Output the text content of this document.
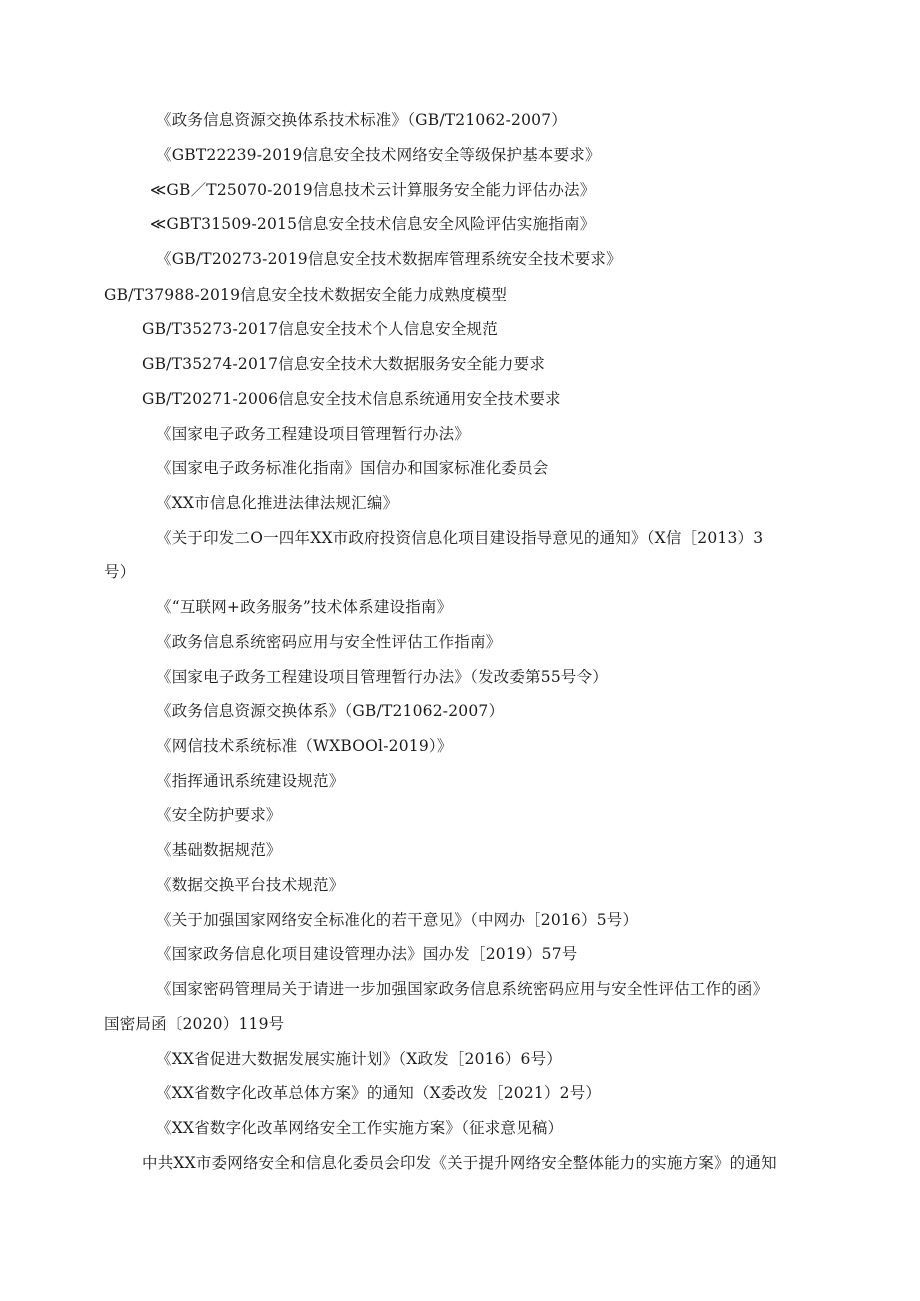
《政务信息资源交换体系技术标准》（GB/T21062-2007）
《GBT22239-2019信息安全技术网络安全等级保护基本要求》
≪GB／T25070-2019信息技术云计算服务安全能力评估办法》
≪GBT31509-2015信息安全技术信息安全风险评估实施指南》
《GB/T20273-2019信息安全技术数据库管理系统安全技术要求》
GB/T37988-2019信息安全技术数据安全能力成熟度模型
GB/T35273-2017信息安全技术个人信息安全规范
GB/T35274-2017信息安全技术大数据服务安全能力要求
GB/T20271-2006信息安全技术信息系统通用安全技术要求
《国家电子政务工程建设项目管理暂行办法》
《国家电子政务标准化指南》国信办和国家标准化委员会
《XX市信息化推进法律法规汇编》
《关于印发二O一四年XX市政府投资信息化项目建设指导意见的通知》（X信［2013）3
号）
《“互联网+政务服务”技术体系建设指南》
《政务信息系统密码应用与安全性评估工作指南》
《国家电子政务工程建设项目管理暂行办法》（发改委第55号令）
《政务信息资源交换体系》（GB/T21062-2007）
《网信技术系统标准（WXBOOl-2019）》
《指挥通讯系统建设规范》
《安全防护要求》
《基础数据规范》
《数据交换平台技术规范》
《关于加强国家网络安全标准化的若干意见》（中网办［2016）5号）
《国家政务信息化项目建设管理办法》国办发［2019）57号
《国家密码管理局关于请进一步加强国家政务信息系统密码应用与安全性评估工作的函》
国密局函〔2020）119号
《XX省促进大数据发展实施计划》（X政发［2016）6号）
《XX省数字化改革总体方案》的通知（X委改发［2021）2号）
《XX省数字化改革网络安全工作实施方案》（征求意见稿）
中共XX市委网络安全和信息化委员会印发《关于提升网络安全整体能力的实施方案》的通知
